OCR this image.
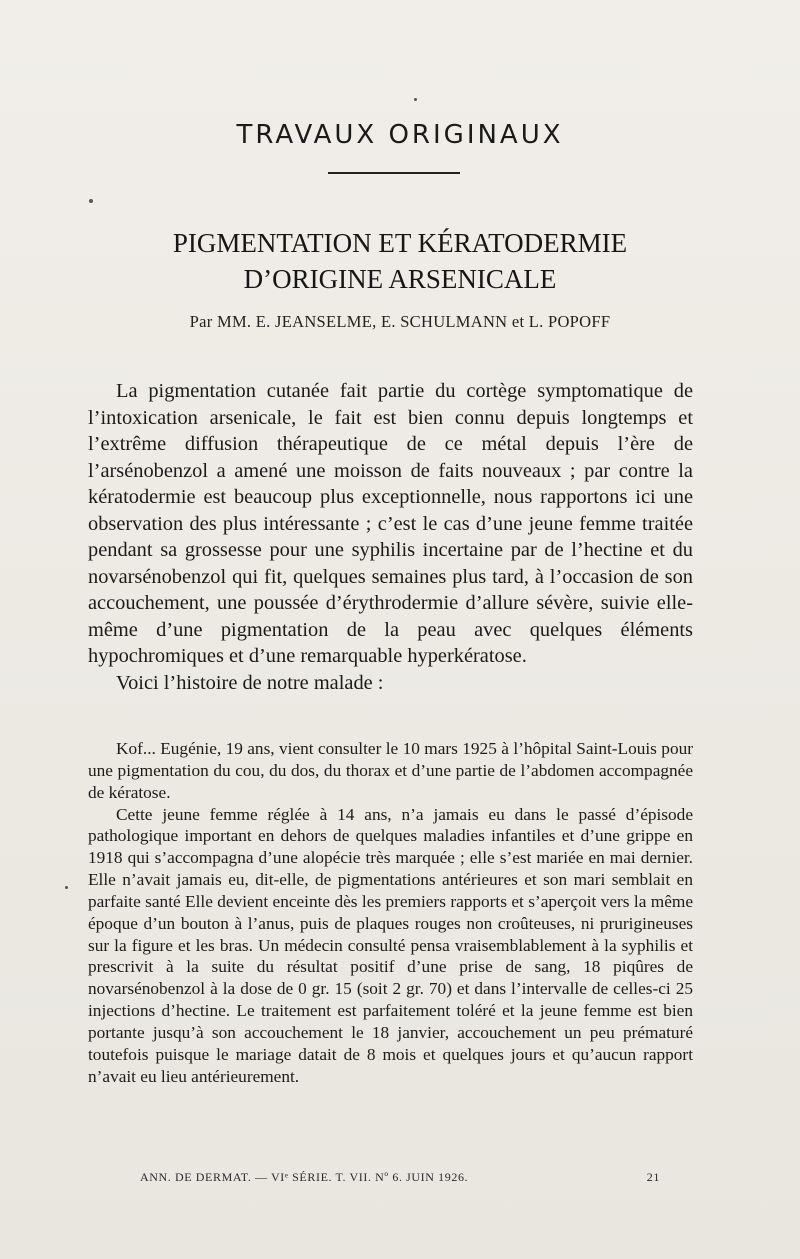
TRAVAUX ORIGINAUX
PIGMENTATION ET KÉRATODERMIE
D’ORIGINE ARSENICALE
Par MM. E. JEANSELME, E. SCHULMANN et L. POPOFF

La pigmentation cutanée fait partie du cortège symptomatique de l’intoxication arsenicale, le fait est bien connu depuis longtemps et l’extrême diffusion thérapeutique de ce métal depuis l’ère de l’arsénobenzol a amené une moisson de faits nouveaux ; par contre la kératodermie est beaucoup plus exceptionnelle, nous rapportons ici une observation des plus intéressante ; c’est le cas d’une jeune femme traitée pendant sa grossesse pour une syphilis incertaine par de l’hectine et du novarsénobenzol qui fit, quelques semaines plus tard, à l’occasion de son accouchement, une poussée d’érythrodermie d’allure sévère, suivie elle-même d’une pigmentation de la peau avec quelques éléments hypochromiques et d’une remarquable hyperkératose.

Voici l’histoire de notre malade :

Kof... Eugénie, 19 ans, vient consulter le 10 mars 1925 à l’hôpital Saint-Louis pour une pigmentation du cou, du dos, du thorax et d’une partie de l’abdomen accompagnée de kératose.

Cette jeune femme réglée à 14 ans, n’a jamais eu dans le passé d’épisode pathologique important en dehors de quelques maladies infantiles et d’une grippe en 1918 qui s’accompagna d’une alopécie très marquée ; elle s’est mariée en mai dernier. Elle n’avait jamais eu, dit-elle, de pigmentations antérieures et son mari semblait en parfaite santé Elle devient enceinte dès les premiers rapports et s’aperçoit vers la même époque d’un bouton à l’anus, puis de plaques rouges non croûteuses, ni prurigineuses sur la figure et les bras. Un médecin consulté pensa vraisemblablement à la syphilis et prescrivit à la suite du résultat positif d’une prise de sang, 18 piqûres de novarsénobenzol à la dose de 0 gr. 15 (soit 2 gr. 70) et dans l’intervalle de celles-ci 25 injections d’hectine. Le traitement est parfaitement toléré et la jeune femme est bien portante jusqu’à son accouchement le 18 janvier, accouchement un peu prématuré toutefois puisque le mariage datait de 8 mois et quelques jours et qu’aucun rapport n’avait eu lieu antérieurement.

ANN. DE DERMAT. — VIᵉ SÉRIE. T. VII. Nº 6. JUIN 1926.	21
